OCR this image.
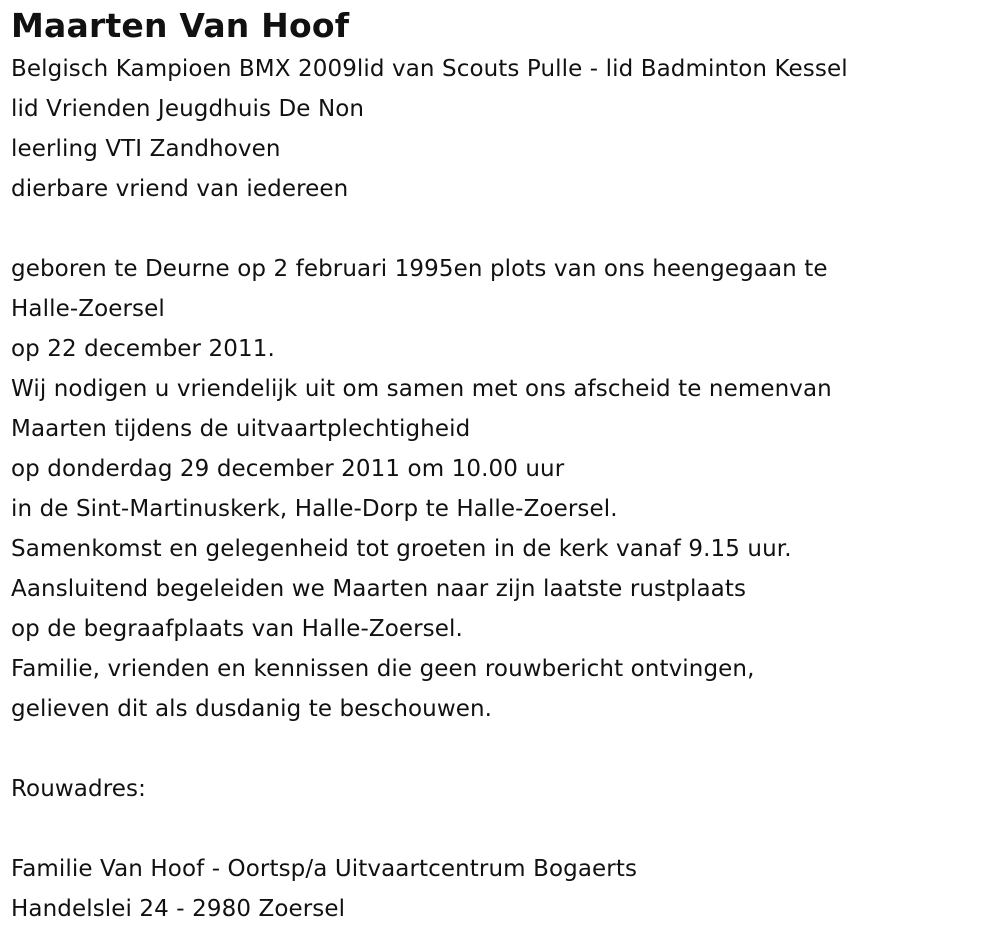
Maarten Van Hoof
Belgisch Kampioen BMX 2009lid van Scouts Pulle - lid Badminton Kessel
lid Vrienden Jeugdhuis De Non
leerling VTI Zandhoven
dierbare vriend van iedereen
geboren te Deurne op 2 februari 1995en plots van ons heengegaan te
Halle-Zoersel
op 22 december 2011.
Wij nodigen u vriendelijk uit om samen met ons afscheid te nemenvan
Maarten tijdens de uitvaartplechtigheid
op donderdag 29 december 2011 om 10.00 uur
in de Sint-Martinuskerk, Halle-Dorp te Halle-Zoersel.
Samenkomst en gelegenheid tot groeten in de kerk vanaf 9.15 uur.
Aansluitend begeleiden we Maarten naar zijn laatste rustplaats
op de begraafplaats van Halle-Zoersel.
Familie, vrienden en kennissen die geen rouwbericht ontvingen,
gelieven dit als dusdanig te beschouwen.
Rouwadres:
Familie Van Hoof - Oortsp/a Uitvaartcentrum Bogaerts
Handelslei 24 - 2980 Zoersel
